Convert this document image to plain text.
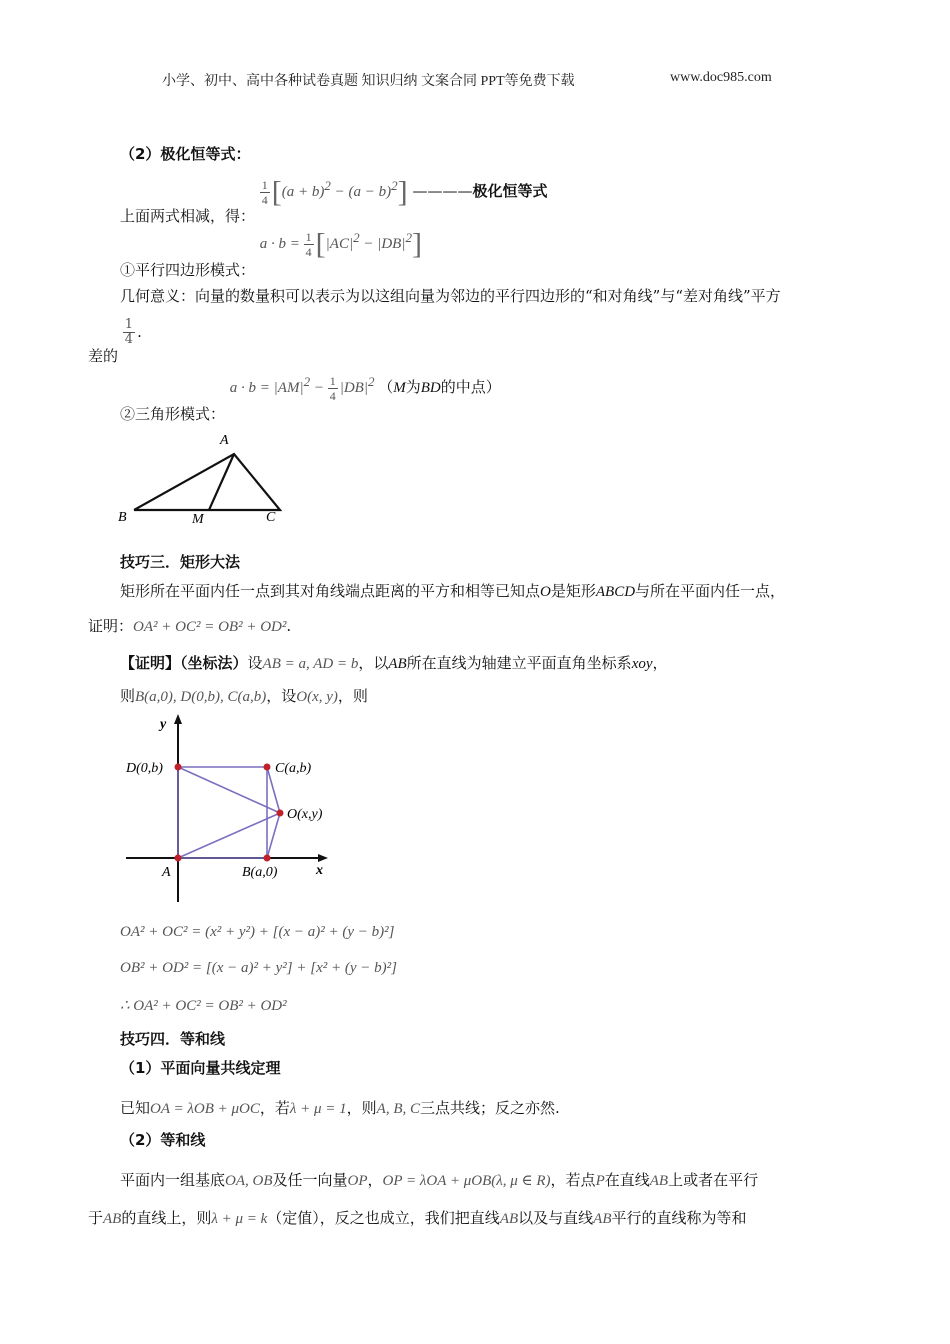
小学、初中、高中各种试卷真题 知识归纳 文案合同 PPT等免费下载	www.doc985.com
（2）极化恒等式：
上面两式相减，得：
$\frac{1}{4} [(a + b)^2 - (a - b)^2]$ ————极化恒等式
①平行四边形模式： $a \cdot b = \frac{1}{4} [|AC|^2 - |DB|^2]$
几何意义：向量的数量积可以表示为以这组向量为邻边的平行四边形的“和对角线”与“差对角线”平方
差的
$\frac{1}{4}$ .
②三角形模式： $a \cdot b = |AM|^2 - \frac{1}{4} |DB|^2$ （M为BD的中点）
A
B	M	C
技巧三．矩形大法
矩形所在平面内任一点到其对角线端点距离的平方和相等已知点O是矩形ABCD与所在平面内任一点，
证明：OA² + OC² = OB² + OD².
【证明】（坐标法）设AB = a, AD = b，以AB所在直线为轴建立平面直角坐标系xoy，
则B(a,0), D(0,b), C(a,b)，设O(x, y)，则
y
x
D(0,b)	C(a,b)
O(x,y)
A	B(a,0)
OA² + OC² = (x² + y²) + [(x − a)² + (y − b)²]
OB² + OD² = [(x − a)² + y²] + [x² + (y − b)²]
∴ OA² + OC² = OB² + OD²
技巧四．等和线
（1）平面向量共线定理
已知OA = λOB + μOC，若λ + μ = 1，则A, B, C三点共线；反之亦然.
（2）等和线
平面内一组基底OA, OB及任一向量OP，OP = λOA + μOB(λ, μ ∈ R)，若点P在直线AB上或者在平行
于AB的直线上，则λ + μ = k（定值），反之也成立，我们把直线AB以及与直线AB平行的直线称为等和
